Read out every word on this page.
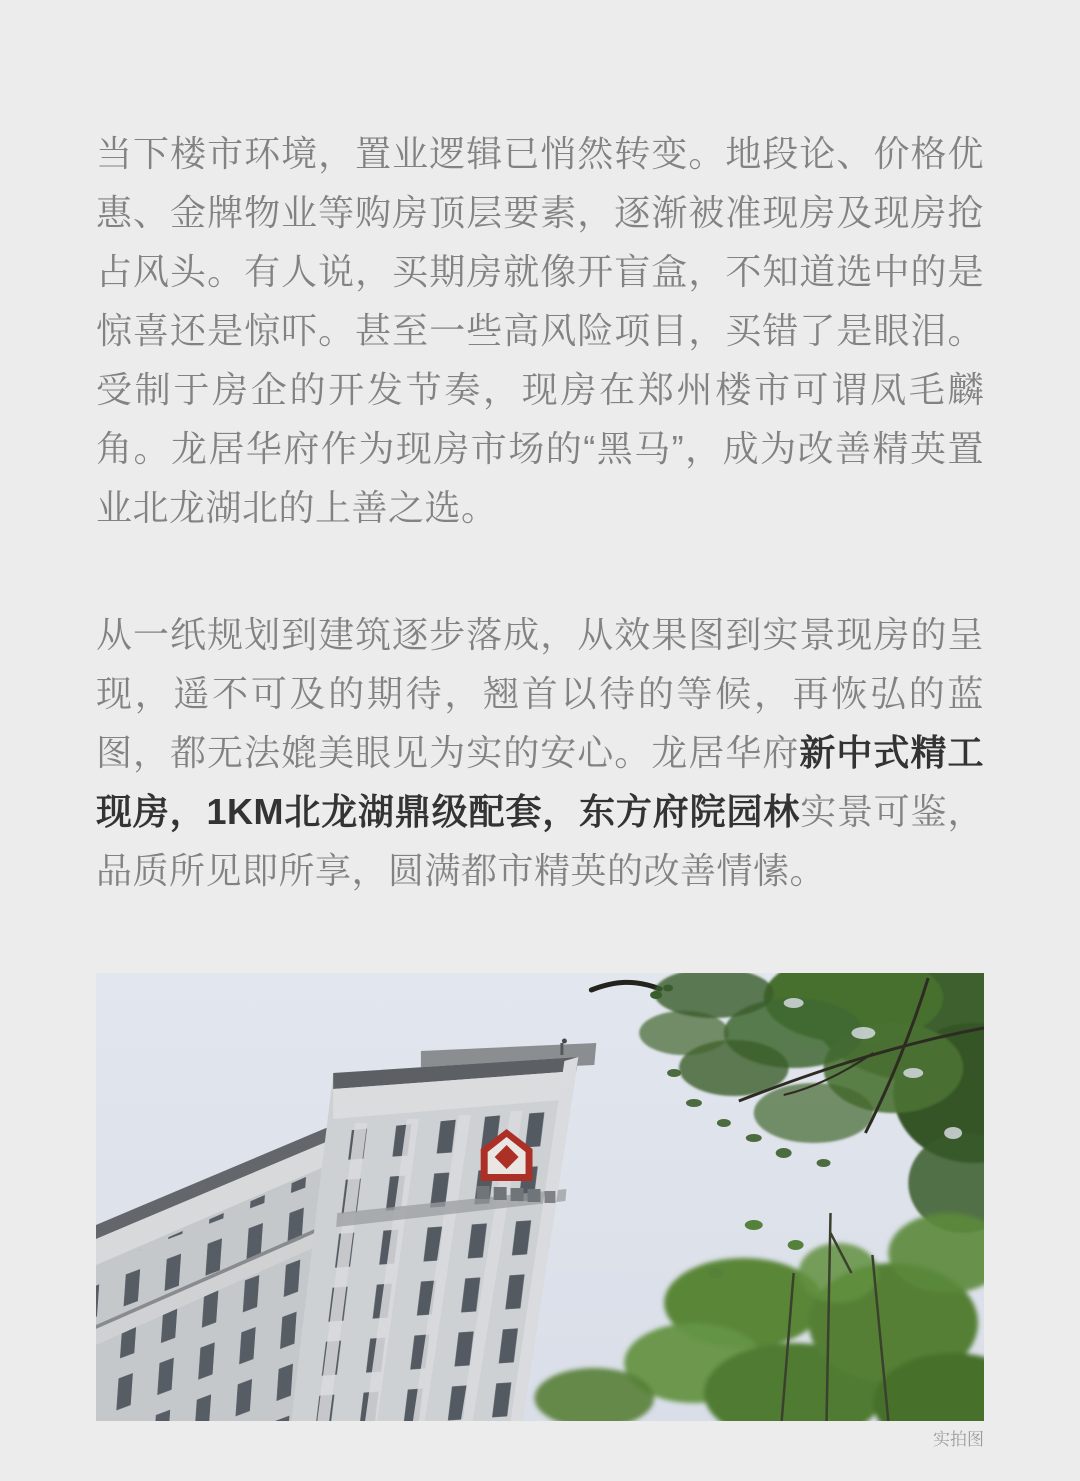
当下楼市环境，置业逻辑已悄然转变。地段论、价格优惠、金牌物业等购房顶层要素，逐渐被准现房及现房抢占风头。有人说，买期房就像开盲盒，不知道选中的是惊喜还是惊吓。甚至一些高风险项目，买错了是眼泪。受制于房企的开发节奏，现房在郑州楼市可谓凤毛麟角。龙居华府作为现房市场的“黑马”，成为改善精英置业北龙湖北的上善之选。

从一纸规划到建筑逐步落成，从效果图到实景现房的呈现，遥不可及的期待，翘首以待的等候，再恢弘的蓝图，都无法媲美眼见为实的安心。龙居华府新中式精工现房，1KM北龙湖鼎级配套，东方府院园林实景可鉴，品质所见即所享，圆满都市精英的改善情愫。

实拍图
